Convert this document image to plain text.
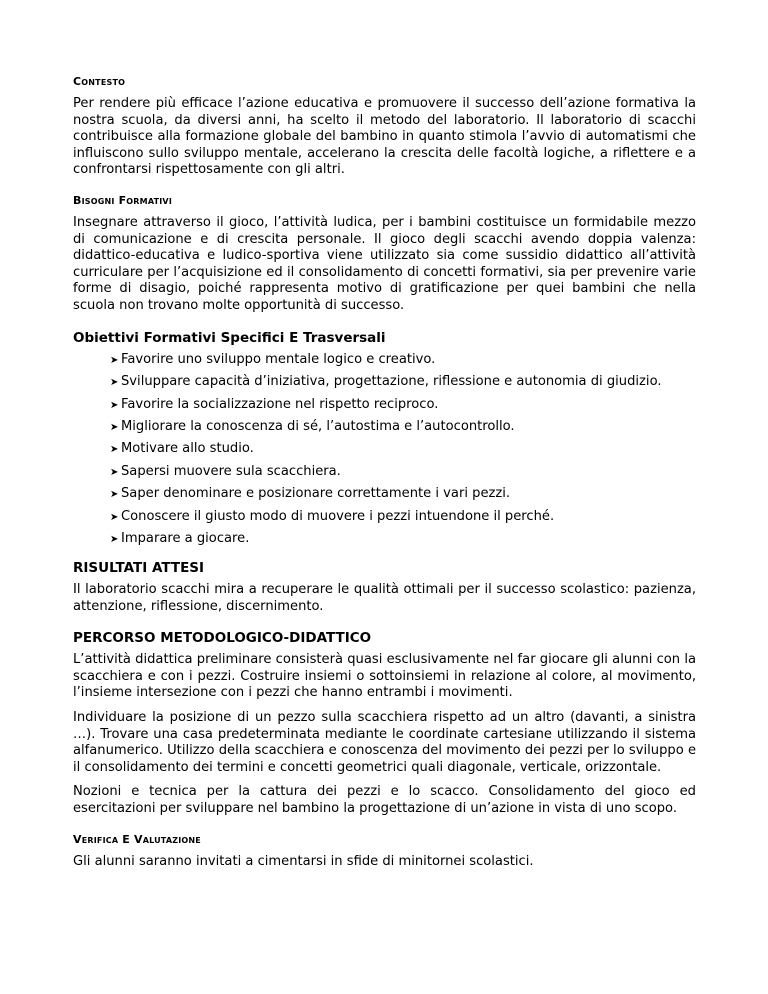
Contesto

Per rendere più efficace l’azione educativa e promuovere il successo dell’azione formativa la nostra scuola, da diversi anni, ha scelto il metodo del laboratorio. Il laboratorio di scacchi contribuisce alla formazione globale del bambino in quanto stimola l’avvio di automatismi che influiscono sullo sviluppo mentale, accelerano la crescita delle facoltà logiche, a riflettere e a confrontarsi rispettosamente con gli altri.

Bisogni Formativi

Insegnare attraverso il gioco, l’attività ludica, per i bambini costituisce un formidabile mezzo di comunicazione e di crescita personale. Il gioco degli scacchi avendo doppia valenza: didattico-educativa e ludico-sportiva viene utilizzato sia come sussidio didattico all’attività curriculare per l’acquisizione ed il consolidamento di concetti formativi, sia per prevenire varie forme di disagio, poiché rappresenta motivo di gratificazione per quei bambini che nella scuola non trovano molte opportunità di successo.

Obiettivi Formativi Specifici E Trasversali
➤ Favorire uno sviluppo mentale logico e creativo.
➤ Sviluppare capacità d’iniziativa, progettazione, riflessione e autonomia di giudizio.
➤ Favorire la socializzazione nel rispetto reciproco.
➤ Migliorare la conoscenza di sé, l’autostima e l’autocontrollo.
➤ Motivare allo studio.
➤ Sapersi muovere sula scacchiera.
➤ Saper denominare e posizionare correttamente i vari pezzi.
➤ Conoscere il giusto modo di muovere i pezzi intuendone il perché.
➤ Imparare a giocare.
RISULTATI ATTESI

Il laboratorio scacchi mira a recuperare le qualità ottimali per il successo scolastico: pazienza, attenzione, riflessione, discernimento.

PERCORSO METODOLOGICO-DIDATTICO

L’attività didattica preliminare consisterà quasi esclusivamente nel far giocare gli alunni con la scacchiera e con i pezzi. Costruire insiemi o sottoinsiemi in relazione al colore, al movimento, l’insieme intersezione con i pezzi che hanno entrambi i movimenti.

Individuare la posizione di un pezzo sulla scacchiera rispetto ad un altro (davanti, a sinistra …). Trovare una casa predeterminata mediante le coordinate cartesiane utilizzando il sistema alfanumerico. Utilizzo della scacchiera e conoscenza del movimento dei pezzi per lo sviluppo e il consolidamento dei termini e concetti geometrici quali diagonale, verticale, orizzontale.

Nozioni e tecnica per la cattura dei pezzi e lo scacco. Consolidamento del gioco ed esercitazioni per sviluppare nel bambino la progettazione di un’azione in vista di uno scopo.

Verifica E Valutazione

Gli alunni saranno invitati a cimentarsi in sfide di minitornei scolastici.
